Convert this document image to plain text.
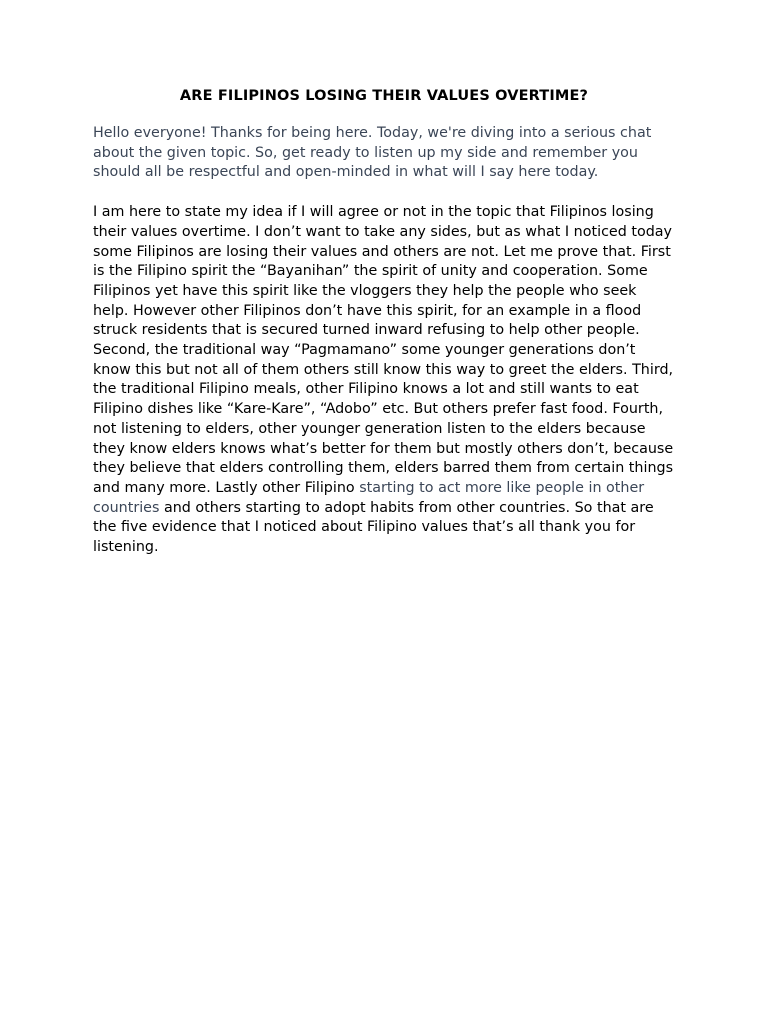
ARE FILIPINOS LOSING THEIR VALUES OVERTIME?

Hello everyone! Thanks for being here. Today, we're diving into a serious chat about the given topic. So, get ready to listen up my side and remember you should all be respectful and open-minded in what will I say here today.

I am here to state my idea if I will agree or not in the topic that Filipinos losing their values overtime. I don’t want to take any sides, but as what I noticed today some Filipinos are losing their values and others are not. Let me prove that. First is the Filipino spirit the “Bayanihan” the spirit of unity and cooperation. Some Filipinos yet have this spirit like the vloggers they help the people who seek help. However other Filipinos don’t have this spirit, for an example in a flood struck residents that is secured turned inward refusing to help other people. Second, the traditional way “Pagmamano” some younger generations don’t know this but not all of them others still know this way to greet the elders. Third, the traditional Filipino meals, other Filipino knows a lot and still wants to eat Filipino dishes like “Kare-Kare”, “Adobo” etc. But others prefer fast food. Fourth, not listening to elders, other younger generation listen to the elders because they know elders knows what’s better for them but mostly others don’t, because they believe that elders controlling them, elders barred them from certain things and many more. Lastly other Filipino starting to act more like people in other countries and others starting to adopt habits from other countries. So that are the five evidence that I noticed about Filipino values that’s all thank you for listening.
